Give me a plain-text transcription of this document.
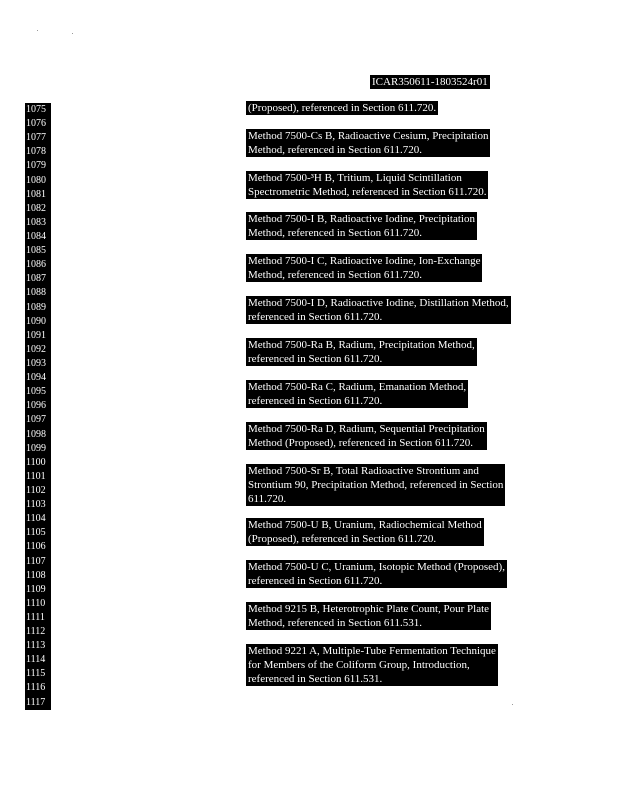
ICAR350611-1803524r01
1075
1076
1077
1078
1079
1080
1081
1082
1083
1084
1085
1086
1087
1088
1089
1090
1091
1092
1093
1094
1095
1096
1097
1098
1099
1100
1101
1102
1103
1104
1105
1106
1107
1108
1109
1110
1111
1112
1113
1114
1115
1116
1117
(Proposed), referenced in Section 611.720.
Method 7500-Cs B, Radioactive Cesium, Precipitation
Method, referenced in Section 611.720.
Method 7500-³H B, Tritium, Liquid Scintillation
Spectrometric Method, referenced in Section 611.720.
Method 7500-I B, Radioactive Iodine, Precipitation
Method, referenced in Section 611.720.
Method 7500-I C, Radioactive Iodine, Ion-Exchange
Method, referenced in Section 611.720.
Method 7500-I D, Radioactive Iodine, Distillation Method,
referenced in Section 611.720.
Method 7500-Ra B, Radium, Precipitation Method,
referenced in Section 611.720.
Method 7500-Ra C, Radium, Emanation Method,
referenced in Section 611.720.
Method 7500-Ra D, Radium, Sequential Precipitation
Method (Proposed), referenced in Section 611.720.
Method 7500-Sr B, Total Radioactive Strontium and
Strontium 90, Precipitation Method, referenced in Section
611.720.
Method 7500-U B, Uranium, Radiochemical Method
(Proposed), referenced in Section 611.720.
Method 7500-U C, Uranium, Isotopic Method (Proposed),
referenced in Section 611.720.
Method 9215 B, Heterotrophic Plate Count, Pour Plate
Method, referenced in Section 611.531.
Method 9221 A, Multiple-Tube Fermentation Technique
for Members of the Coliform Group, Introduction,
referenced in Section 611.531.
